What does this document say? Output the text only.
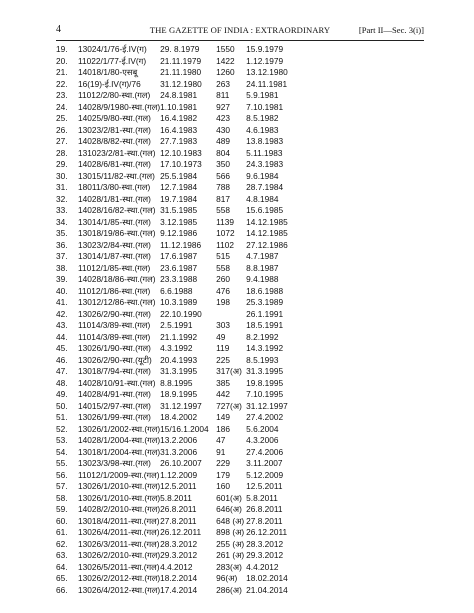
4	THE GAZETTE OF INDIA : EXTRAORDINARY	[Part II—Sec. 3(i)]
19.	13024/1/76-ई.IV(ग)	29. 8.1979	1550	15.9.1979
20.	11022/1/77-ई.IV(ग)	21.11.1979	1422	1.12.1979
21.	14018/1/80-एसबू	21.11.1980	1260	13.12.1980
22.	16(19)-ई.IV(ग)/76	31.12.1980	263	24.11.1981
23.	11012/2/80-स्था.(गल)	24.8.1981	811	5.9.1981
24.	14028/9/1980-स्था.(गल)	1.10.1981	927	7.10.1981
25.	14025/9/80-स्था.(गल)	16.4.1982	423	8.5.1982
26.	13023/2/81-स्था.(गल)	16.4.1983	430	4.6.1983
27.	14028/8/82-स्था.(गल)	27.7.1983	489	13.8.1983
28.	131023/2/81-स्था.(गल)	12.10.1983	804	5.11.1983
29.	14028/6/81-स्था.(गल)	17.10.1973	350	24.3.1983
30.	13015/11/82-स्था.(गल)	25.5.1984	566	9.6.1984
31.	18011/3/80-स्था.(गल)	12.7.1984	788	28.7.1984
32.	14028/1/81-स्था.(गल)	19.7.1984	817	4.8.1984
33.	14028/16/82-स्था.(गल)	31.5.1985	558	15.6.1985
34.	13014/1/85-स्था.(गल)	3.12.1985	1139	14.12.1985
35.	13018/19/86-स्था.(गल)	9.12.1986	1072	14.12.1985
36.	13023/2/84-स्था.(गल)	11.12.1986	1102	27.12.1986
37.	13014/1/87-स्था.(गल)	17.6.1987	515	4.7.1987
38.	11012/1/85-स्था.(गल)	23.6.1987	558	8.8.1987
39.	14028/18/86-स्था.(गल)	23.3.1988	260	9.4.1988
40.	11012/1/86-स्था.(गल)	6.6.1988	476	18.6.1988
41.	13012/12/86-स्था.(गल)	10.3.1989	198	25.3.1989
42.	13026/2/90-स्था.(गल)	22.10.1990		26.1.1991
43.	11014/3/89-स्था.(गल)	2.5.1991	303	18.5.1991
44.	11014/3/89-स्था.(गल)	21.1.1992	49	8.2.1992
45.	13026/1/90-स्था.(गल)	4.3.1992	119	14.3.1992
46.	13026/2/90-स्था.(यूटी)	20.4.1993	225	8.5.1993
47.	13018/7/94-स्था.(गल)	31.3.1995	317(अ)	31.3.1995
48.	14028/10/91-स्था.(गल)	8.8.1995	385	19.8.1995
49.	14028/4/91-स्था.(गल)	18.9.1995	442	7.10.1995
50.	14015/2/97-स्था.(गल)	31.12.1997	727(अ)	31.12.1997
51.	13026/1/99-स्था.(गल)	18.4.2002	149	27.4.2002
52.	13026/1/2002-स्था.(गल)	15/16.1.2004	186	5.6.2004
53.	14028/1/2004-स्था.(गल)	13.2.2006	47	4.3.2006
54.	13018/1/2004-स्था.(गल)	31.3.2006	91	27.4.2006
55.	13023/3/98-स्था.(गल)	26.10.2007	229	3.11.2007
56.	11012/1/2009-स्था.(गल)	1.12.2009	179	5.12.2009
57.	13026/1/2010-स्था.(गल)	12.5.2011	160	12.5.2011
58.	13026/1/2010-स्था.(गल)	5.8.2011	601(अ)	5.8.2011
59.	14028/2/2010-स्था.(गल)	26.8.2011	646(अ)	26.8.2011
60.	13018/4/2011-स्था.(गल)	27.8.2011	648 (अ)	27.8.2011
61.	13026/4/2011-स्था.(गल)	26.12.2011	898 (अ)	26.12.2011
62.	13026/3/2011-स्था.(गल)	28.3.2012	255 (अ)	28.3.2012
63.	13026/2/2010-स्था.(गल)	29.3.2012	261 (अ)	29.3.2012
64.	13026/5/2011-स्था.(गल)	4.4.2012	283(अ)	4.4.2012
65.	13026/2/2012-स्था.(गल)	18.2.2014	96(अ)	18.02.2014
66.	13026/4/2012-स्था.(गल)	17.4.2014	286(अ)	21.04.2014
